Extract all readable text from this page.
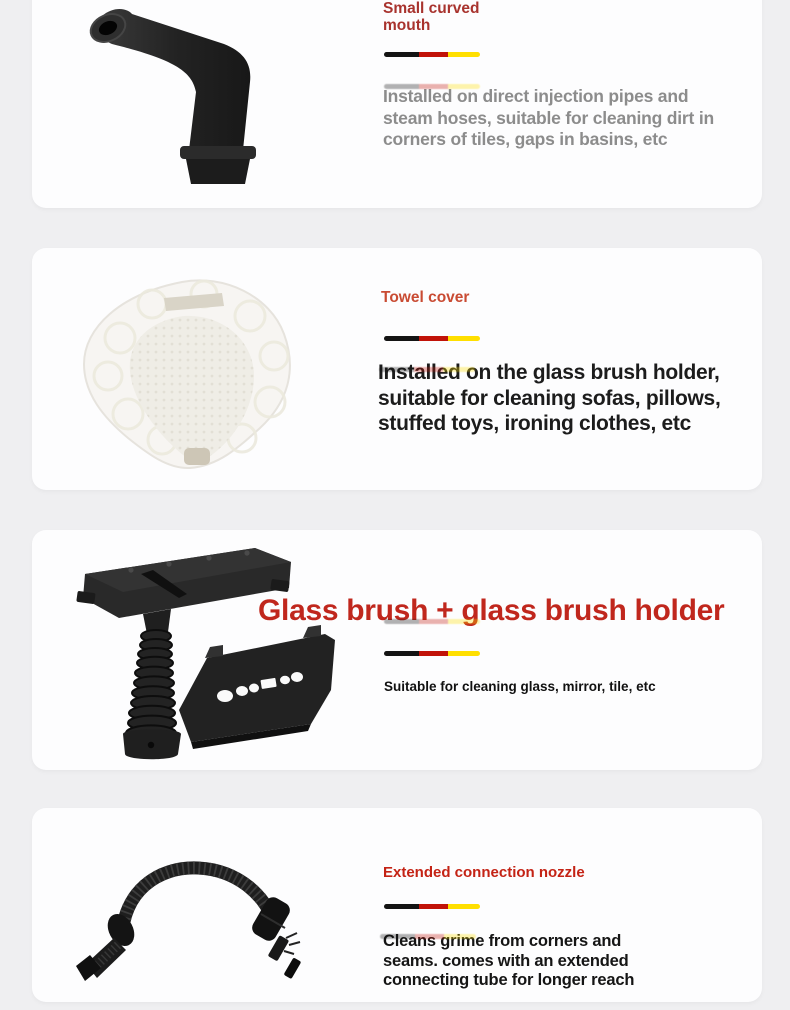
Small curved mouth

Installed on direct injection pipes and steam hoses, suitable for cleaning dirt in corners of tiles, gaps in basins, etc

Towel cover

Installed on the glass brush holder, suitable for cleaning sofas, pillows, stuffed toys, ironing clothes, etc

Glass brush + glass brush holder

Suitable for cleaning glass, mirror, tile, etc

Extended connection nozzle

Cleans grime from corners and seams. comes with an extended connecting tube for longer reach
